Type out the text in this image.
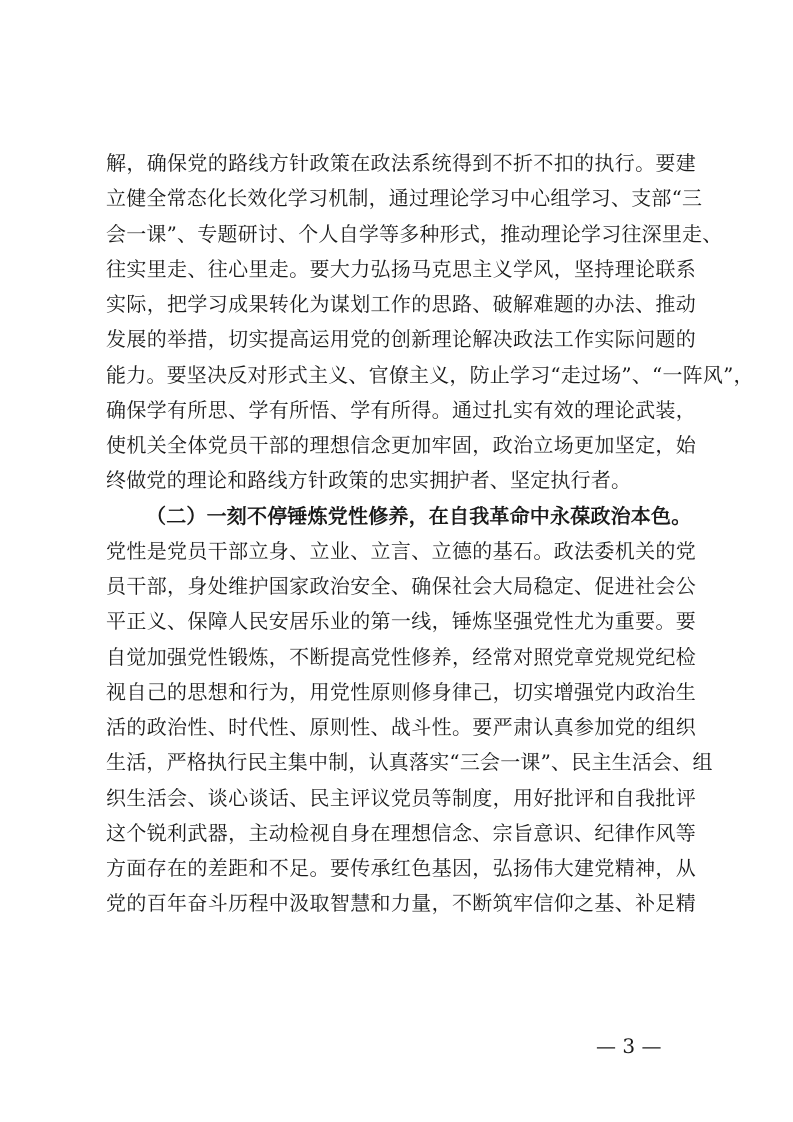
解，确保党的路线方针政策在政法系统得到不折不扣的执行。要建
立健全常态化长效化学习机制，通过理论学习中心组学习、支部“三
会一课”、专题研讨、个人自学等多种形式，推动理论学习往深里走、
往实里走、往心里走。要大力弘扬马克思主义学风，坚持理论联系
实际，把学习成果转化为谋划工作的思路、破解难题的办法、推动
发展的举措，切实提高运用党的创新理论解决政法工作实际问题的
能力。要坚决反对形式主义、官僚主义，防止学习“走过场”、“一阵风”，
确保学有所思、学有所悟、学有所得。通过扎实有效的理论武装，
使机关全体党员干部的理想信念更加牢固，政治立场更加坚定，始
终做党的理论和路线方针政策的忠实拥护者、坚定执行者。
（二）一刻不停锤炼党性修养，在自我革命中永葆政治本色。
党性是党员干部立身、立业、立言、立德的基石。政法委机关的党
员干部，身处维护国家政治安全、确保社会大局稳定、促进社会公
平正义、保障人民安居乐业的第一线，锤炼坚强党性尤为重要。要
自觉加强党性锻炼，不断提高党性修养，经常对照党章党规党纪检
视自己的思想和行为，用党性原则修身律己，切实增强党内政治生
活的政治性、时代性、原则性、战斗性。要严肃认真参加党的组织
生活，严格执行民主集中制，认真落实“三会一课”、民主生活会、组
织生活会、谈心谈话、民主评议党员等制度，用好批评和自我批评
这个锐利武器，主动检视自身在理想信念、宗旨意识、纪律作风等
方面存在的差距和不足。要传承红色基因，弘扬伟大建党精神，从
党的百年奋斗历程中汲取智慧和力量，不断筑牢信仰之基、补足精
— 3 —
